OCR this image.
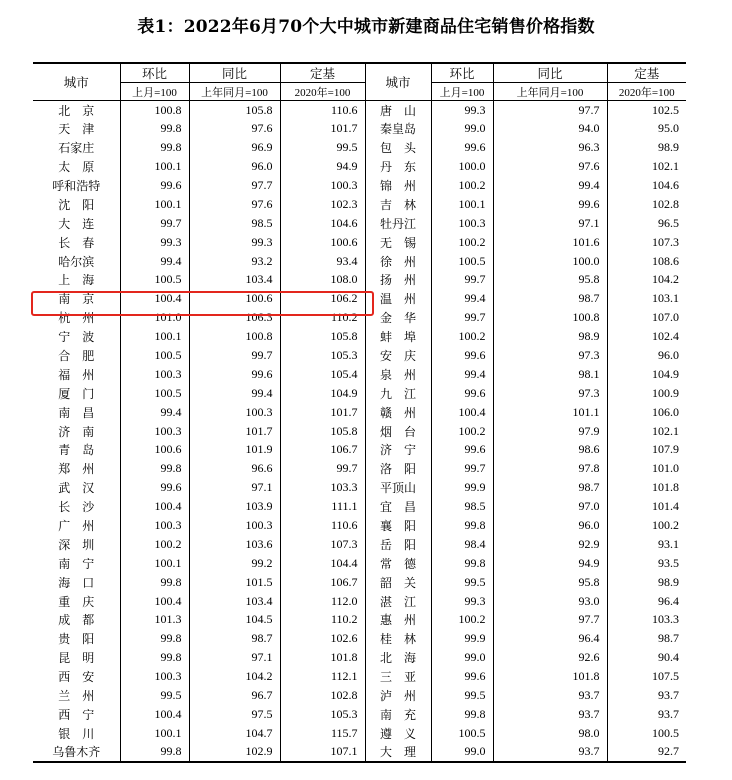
表1：2022年6月70个大中城市新建商品住宅销售价格指数
城市	环比	同比	定基	城市	环比	同比	定基
	上月=100	上年同月=100	2020年=100		上月=100	上年同月=100	2020年=100
北　京	100.8	105.8	110.6	唐　山	99.3	97.7	102.5
天　津	99.8	97.6	101.7	秦皇岛	99.0	94.0	95.0
石家庄	99.8	96.9	99.5	包　头	99.6	96.3	98.9
太　原	100.1	96.0	94.9	丹　东	100.0	97.6	102.1
呼和浩特	99.6	97.7	100.3	锦　州	100.2	99.4	104.6
沈　阳	100.1	97.6	102.3	吉　林	100.1	99.6	102.8
大　连	99.7	98.5	104.6	牡丹江	100.3	97.1	96.5
长　春	99.3	99.3	100.6	无　锡	100.2	101.6	107.3
哈尔滨	99.4	93.2	93.4	徐　州	100.5	100.0	108.6
上　海	100.5	103.4	108.0	扬　州	99.7	95.8	104.2
南　京	100.4	100.6	106.2	温　州	99.4	98.7	103.1
杭　州	101.0	106.3	110.2	金　华	99.7	100.8	107.0
宁　波	100.1	100.8	105.8	蚌　埠	100.2	98.9	102.4
合　肥	100.5	99.7	105.3	安　庆	99.6	97.3	96.0
福　州	100.3	99.6	105.4	泉　州	99.4	98.1	104.9
厦　门	100.5	99.4	104.9	九　江	99.6	97.3	100.9
南　昌	99.4	100.3	101.7	赣　州	100.4	101.1	106.0
济　南	100.3	101.7	105.8	烟　台	100.2	97.9	102.1
青　岛	100.6	101.9	106.7	济　宁	99.6	98.6	107.9
郑　州	99.8	96.6	99.7	洛　阳	99.7	97.8	101.0
武　汉	99.6	97.1	103.3	平顶山	99.9	98.7	101.8
长　沙	100.4	103.9	111.1	宜　昌	98.5	97.0	101.4
广　州	100.3	100.3	110.6	襄　阳	99.8	96.0	100.2
深　圳	100.2	103.6	107.3	岳　阳	98.4	92.9	93.1
南　宁	100.1	99.2	104.4	常　德	99.8	94.9	93.5
海　口	99.8	101.5	106.7	韶　关	99.5	95.8	98.9
重　庆	100.4	103.4	112.0	湛　江	99.3	93.0	96.4
成　都	101.3	104.5	110.2	惠　州	100.2	97.7	103.3
贵　阳	99.8	98.7	102.6	桂　林	99.9	96.4	98.7
昆　明	99.8	97.1	101.8	北　海	99.0	92.6	90.4
西　安	100.3	104.2	112.1	三　亚	99.6	101.8	107.5
兰　州	99.5	96.7	102.8	泸　州	99.5	93.7	93.7
西　宁	100.4	97.5	105.3	南　充	99.8	93.7	93.7
银　川	100.1	104.7	115.7	遵　义	100.5	98.0	100.5
乌鲁木齐	99.8	102.9	107.1	大　理	99.0	93.7	92.7
